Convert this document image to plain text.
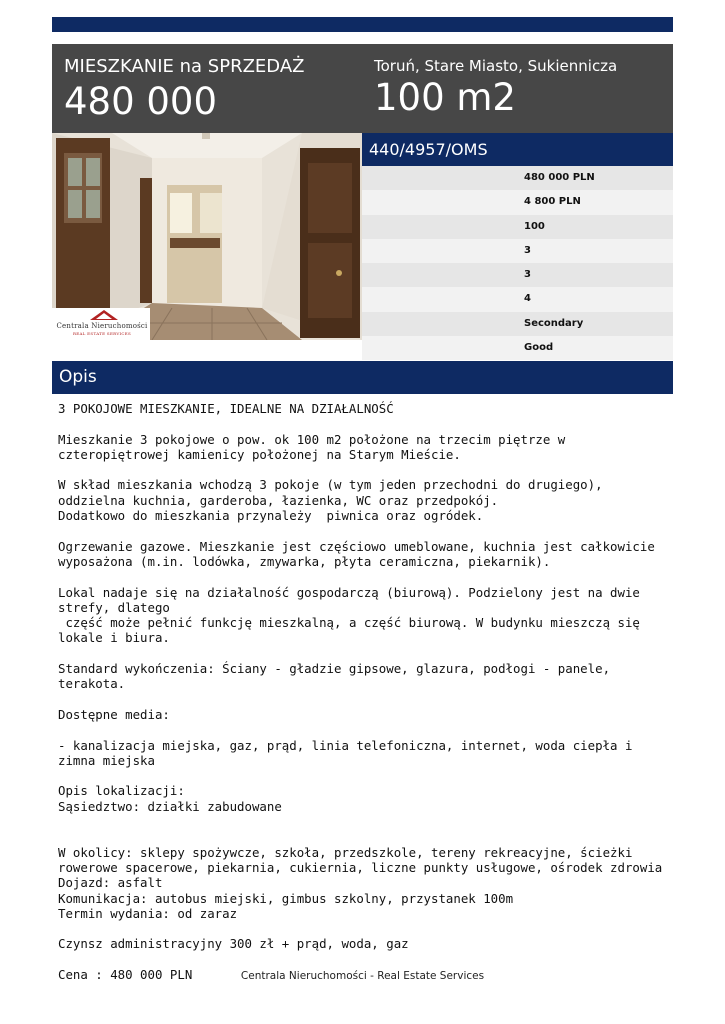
MIESZKANIE na SPRZEDAŻ
480 000
Toruń, Stare Miasto, Sukiennicza
100 m2
Centrala Nieruchomości
REAL ESTATE SERVICES
440/4957/OMS
480 000 PLN
4 800 PLN
100
3
3
4
Secondary
Good
Opis
3 POKOJOWE MIESZKANIE, IDEALNE NA DZIAŁALNOŚĆ

Mieszkanie 3 pokojowe o pow. ok 100 m2 położone na trzecim piętrze w czteropiętrowej kamienicy położonej na Starym Mieście.

W skład mieszkania wchodzą 3 pokoje (w tym jeden przechodni do drugiego), oddzielna kuchnia, garderoba, łazienka, WC oraz przedpokój.
Dodatkowo do mieszkania przynależy  piwnica oraz ogródek.

Ogrzewanie gazowe. Mieszkanie jest częściowo umeblowane, kuchnia jest całkowicie wyposażona (m.in. lodówka, zmywarka, płyta ceramiczna, piekarnik).

Lokal nadaje się na działalność gospodarczą (biurową). Podzielony jest na dwie strefy, dlatego
część może pełnić funkcję mieszkalną, a część biurową. W budynku mieszczą się lokale i biura.

Standard wykończenia: Ściany - gładzie gipsowe, glazura, podłogi - panele, terakota.

Dostępne media:

- kanalizacja miejska, gaz, prąd, linia telefoniczna, internet, woda ciepła i  zimna miejska

Opis lokalizacji:
Sąsiedztwo: działki zabudowane

W okolicy: sklepy spożywcze, szkoła, przedszkole, tereny rekreacyjne, ścieżki rowerowe spacerowe, piekarnia, cukiernia, liczne punkty usługowe, ośrodek zdrowia
Dojazd: asfalt
Komunikacja: autobus miejski, gimbus szkolny, przystanek 100m
Termin wydania: od zaraz

Czynsz administracyjny 300 zł + prąd, woda, gaz

Cena : 480 000 PLN	Centrala Nieruchomości - Real Estate Services
